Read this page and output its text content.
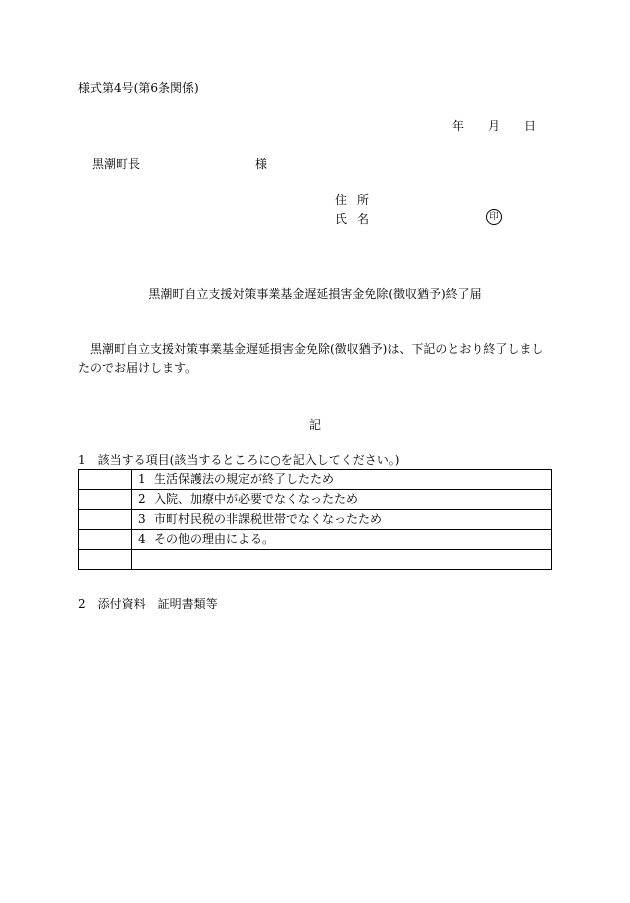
様式第4号(第6条関係)
年 月 日
黒潮町長	様
住所
氏名	印
黒潮町自立支援対策事業基金遅延損害金免除(徴収猶予)終了届
黒潮町自立支援対策事業基金遅延損害金免除(徴収猶予)は、下記のとおり終了しましたのでお届けします。
記
1　該当する項目(該当するところに○を記入してください。)
	1 生活保護法の規定が終了したため
	2 入院、加療中が必要でなくなったため
	3 市町村民税の非課税世帯でなくなったため
	4 その他の理由による。

2　添付資料　証明書類等
